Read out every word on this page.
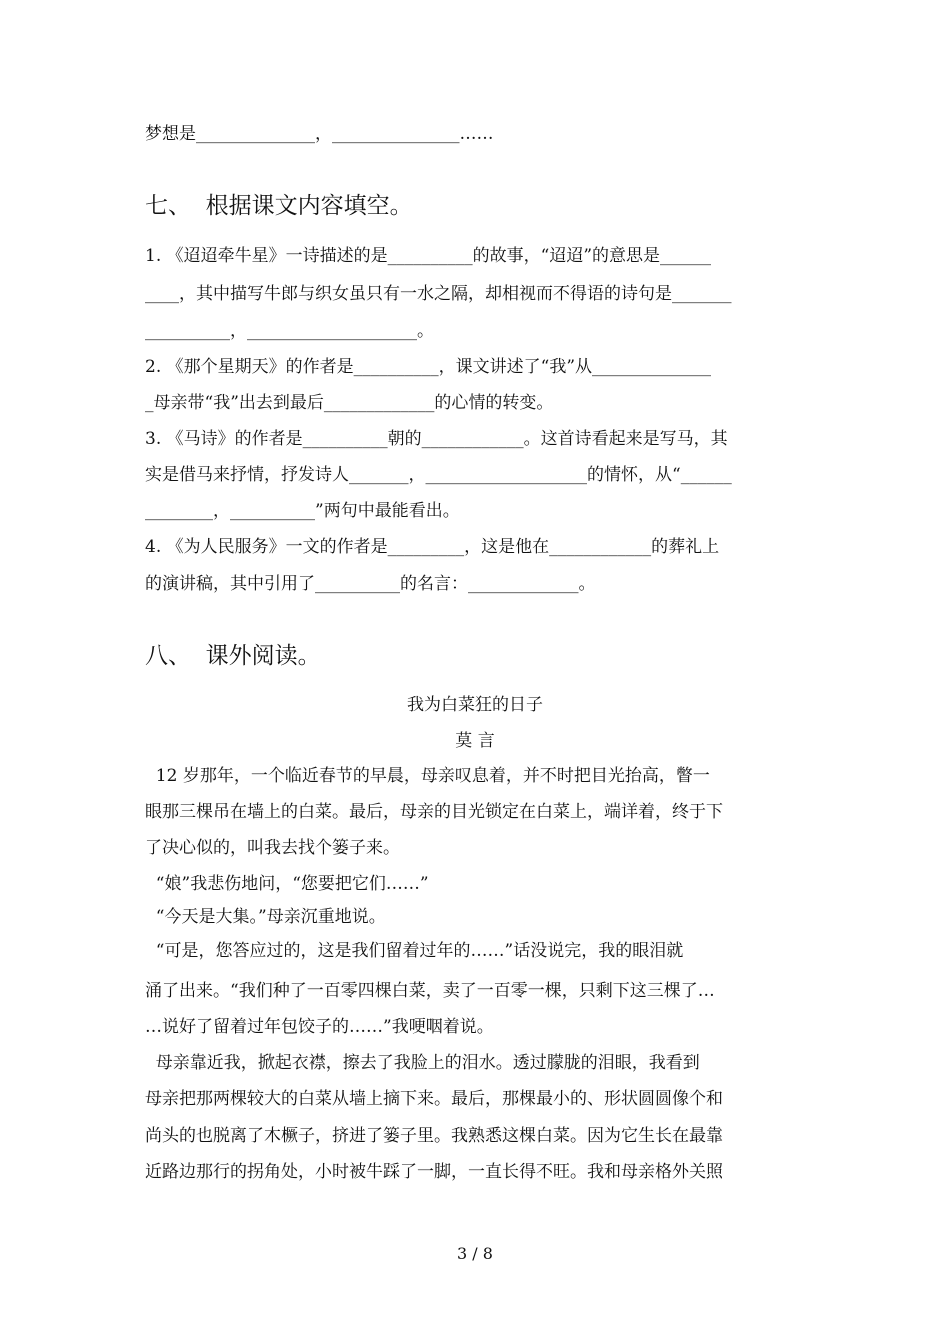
梦想是______________，_______________……
七、  根据课文内容填空。
1. 《迢迢牵牛星》一诗描述的是__________的故事，“迢迢”的意思是______
____，其中描写牛郎与织女虽只有一水之隔，却相视而不得语的诗句是_______
__________，____________________。
2. 《那个星期天》的作者是__________，课文讲述了“我”从______________
_母亲带“我”出去到最后_____________的心情的转变。
3. 《马诗》的作者是__________朝的____________。这首诗看起来是写马，其
实是借马来抒情，抒发诗人_______，___________________的情怀，从“______
________，__________”两句中最能看出。
4. 《为人民服务》一文的作者是_________，这是他在____________的葬礼上
的演讲稿，其中引用了__________的名言：_____________。
八、  课外阅读。
我为白菜狂的日子
莫 言
12 岁那年，一个临近春节的早晨，母亲叹息着，并不时把目光抬高，瞥一
眼那三棵吊在墙上的白菜。最后，母亲的目光锁定在白菜上，端详着，终于下
了决心似的，叫我去找个篓子来。
“娘”我悲伤地问，“您要把它们……”
“今天是大集。”母亲沉重地说。
“可是，您答应过的，这是我们留着过年的……”话没说完，我的眼泪就
涌了出来。“我们种了一百零四棵白菜，卖了一百零一棵，只剩下这三棵了…
…说好了留着过年包饺子的……”我哽咽着说。
母亲靠近我，掀起衣襟，擦去了我脸上的泪水。透过朦胧的泪眼，我看到
母亲把那两棵较大的白菜从墙上摘下来。最后，那棵最小的、形状圆圆像个和
尚头的也脱离了木橛子，挤进了篓子里。我熟悉这棵白菜。因为它生长在最靠
近路边那行的拐角处，小时被牛踩了一脚，一直长得不旺。我和母亲格外关照
3 / 8
